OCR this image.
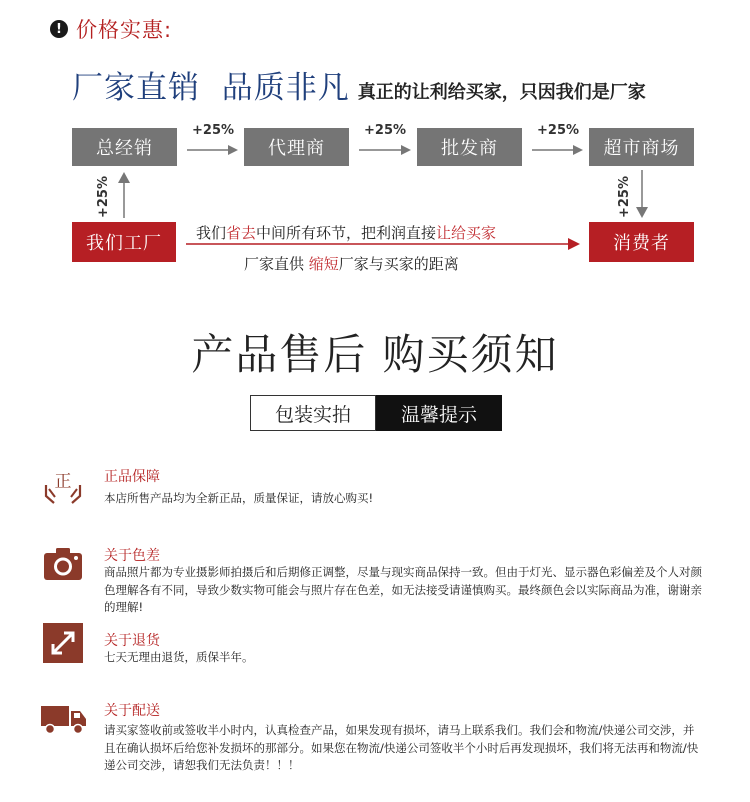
! 价格实惠:
厂家直销  品质非凡 真正的让利给买家，只因我们是厂家
总经销	代理商	批发商	超市商场
我们工厂	消费者
+25%	+25%	+25%
+25%	+25%
我们省去中间所有环节，把利润直接让给买家
厂家直供 缩短厂家与买家的距离
产品售后 购买须知
包装实拍	温馨提示
正 正品保障
本店所售产品均为全新正品，质量保证，请放心购买!
关于色差
商品照片都为专业摄影师拍摄后和后期修正调整，尽量与现实商品保持一致。但由于灯光、显示器色彩偏差及个人对颜色理解各有不同，导致少数实物可能会与照片存在色差，如无法接受请谨慎购买。最终颜色会以实际商品为准，谢谢亲的理解!
关于退货
七天无理由退货，质保半年。
关于配送
请买家签收前或签收半小时内，认真检查产品，如果发现有损坏，请马上联系我们。我们会和物流/快递公司交涉，并且在确认损坏后给您补发损坏的那部分。如果您在物流/快递公司签收半个小时后再发现损坏，我们将无法再和物流/快递公司交涉，请恕我们无法负责！！！
